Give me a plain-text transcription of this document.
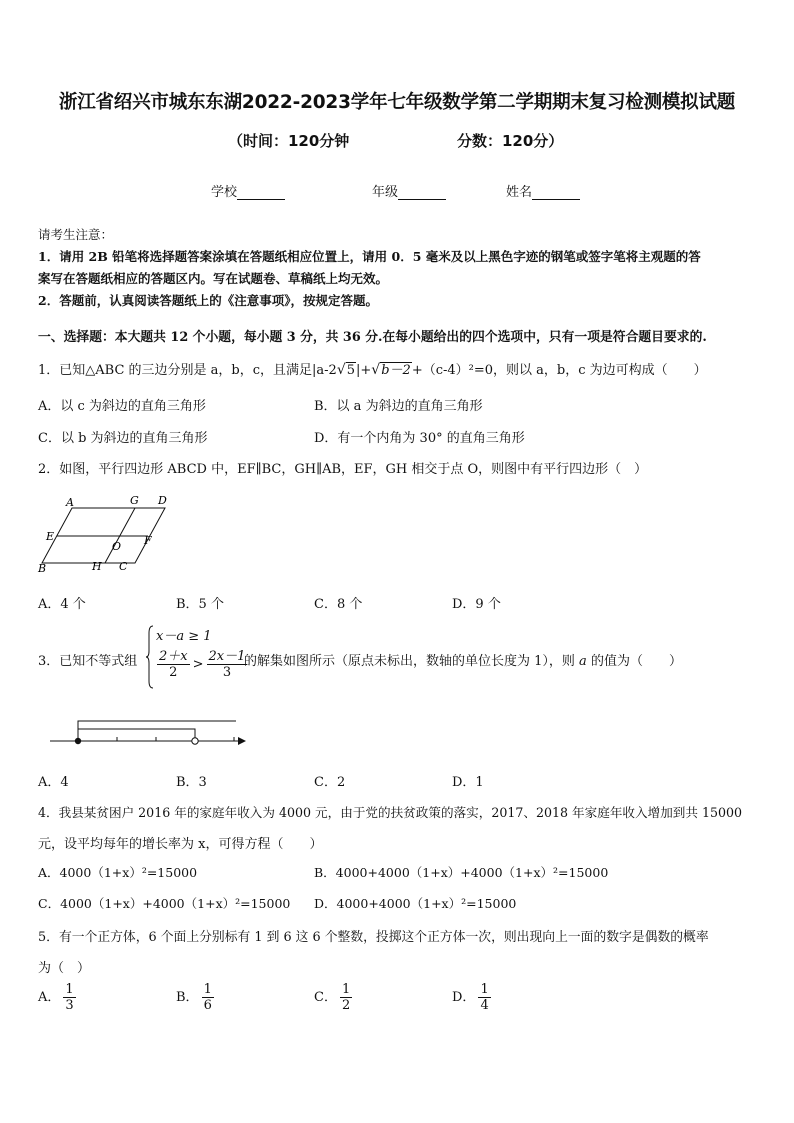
浙江省绍兴市城东东湖2022-2023学年七年级数学第二学期期末复习检测模拟试题
（时间：120分钟	分数：120分）
学校	年级	姓名
请考生注意：
1．请用 2B 铅笔将选择题答案涂填在答题纸相应位置上，请用 0．5 毫米及以上黑色字迹的钢笔或签字笔将主观题的答
案写在答题纸相应的答题区内。写在试题卷、草稿纸上均无效。
2．答题前，认真阅读答题纸上的《注意事项》，按规定答题。
一、选择题：本大题共 12 个小题，每小题 3 分，共 36 分.在每小题给出的四个选项中，只有一项是符合题目要求的.
1．已知△ABC 的三边分别是 a，b，c，且满足|a-2√5|+√b－2+（c-4）²=0，则以 a，b，c 为边可构成（　　）
A．以 c 为斜边的直角三角形	B．以 a 为斜边的直角三角形
C．以 b 为斜边的直角三角形	D．有一个内角为 30° 的直角三角形
2．如图，平行四边形 ABCD 中，EF∥BC，GH∥AB，EF，GH 相交于点 O，则图中有平行四边形（　）
A	G D
E
O F
B	H C
A．4 个	B．5 个	C．8 个	D．9 个
3．已知不等式组
x－a ≥ 1
$\frac{2+x}{2} > \frac{2x-1}{3}$
的解集如图所示（原点未标出，数轴的单位长度为 1），则 a 的值为（　　）
A．4	B．3	C．2	D．1
4．我县某贫困户 2016 年的家庭年收入为 4000 元，由于党的扶贫政策的落实，2017、2018 年家庭年收入增加到共 15000
元，设平均每年的增长率为 x，可得方程（　　）
A．4000（1+x）²=15000	B．4000+4000（1+x）+4000（1+x）²=15000
C．4000（1+x）+4000（1+x）²=15000 D．4000+4000（1+x）²=15000
5．有一个正方体，6 个面上分别标有 1 到 6 这 6 个整数，投掷这个正方体一次，则出现向上一面的数字是偶数的概率
为（　）
A． $\frac{1}{3}$	B． $\frac{1}{6}$	C． $\frac{1}{2}$	D． $\frac{1}{4}$
